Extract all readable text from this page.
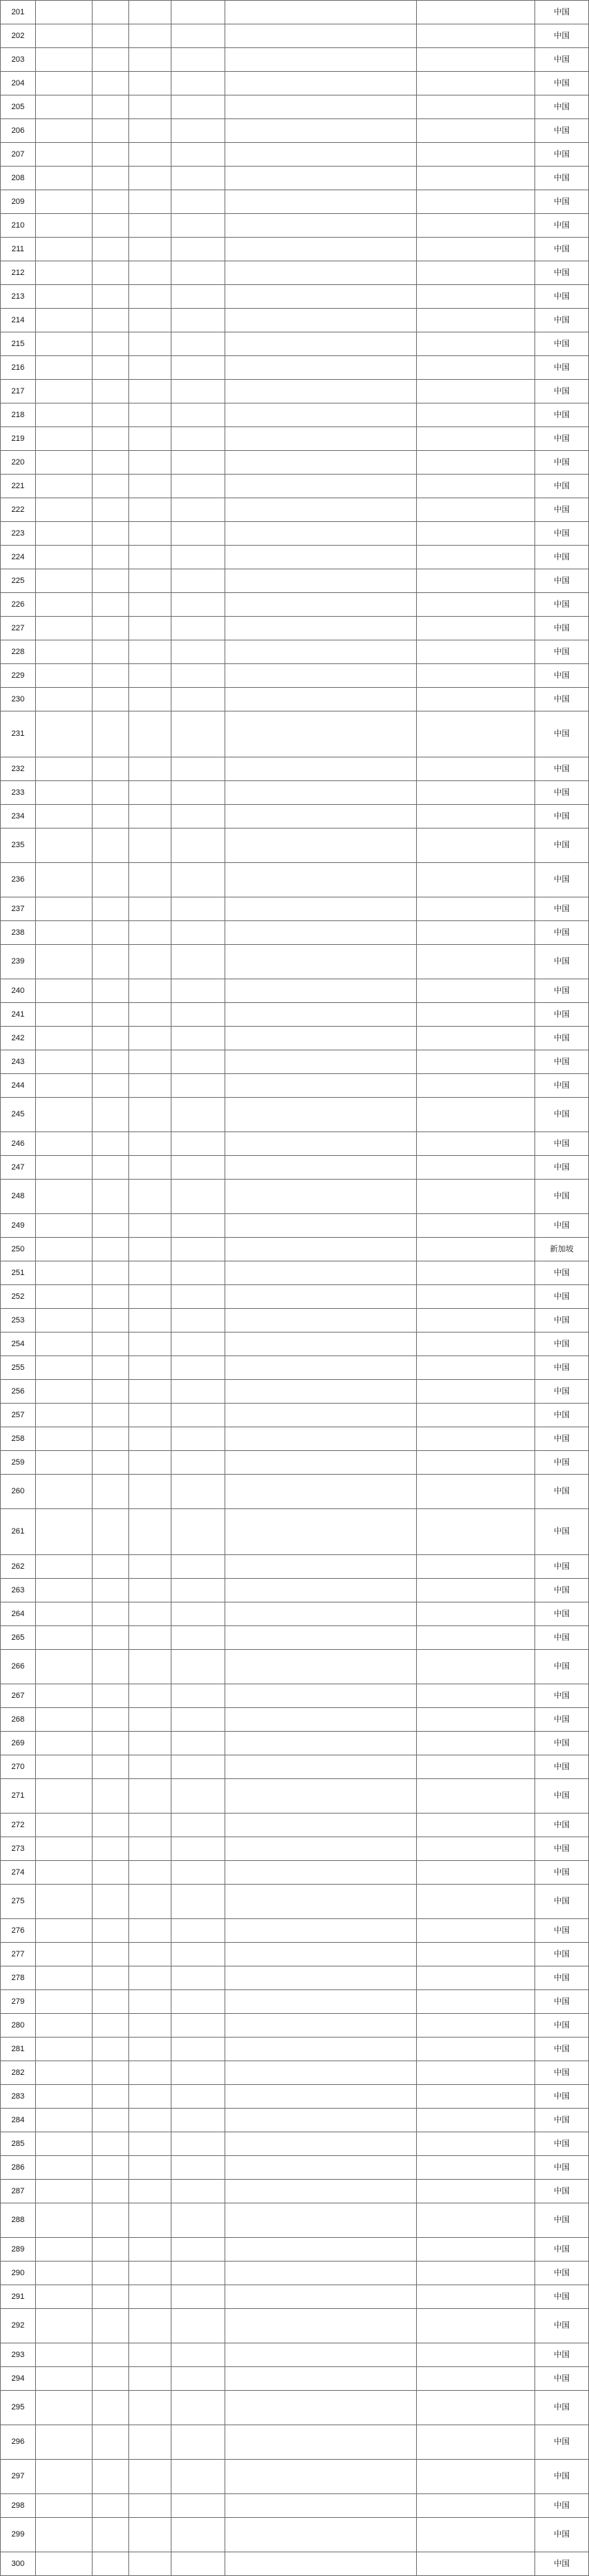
201							中国
202							中国
203							中国
204							中国
205							中国
206							中国
207							中国
208							中国
209							中国
210							中国
211							中国
212							中国
213							中国
214							中国
215							中国
216							中国
217							中国
218							中国
219							中国
220							中国
221							中国
222							中国
223							中国
224							中国
225							中国
226							中国
227							中国
228							中国
229							中国
230							中国
231							中国
232							中国
233							中国
234							中国
235							中国
236							中国
237							中国
238							中国
239							中国
240							中国
241							中国
242							中国
243							中国
244							中国
245							中国
246							中国
247							中国
248							中国
249							中国
250							新加坡
251							中国
252							中国
253							中国
254							中国
255							中国
256							中国
257							中国
258							中国
259							中国
260							中国
261							中国
262							中国
263							中国
264							中国
265							中国
266							中国
267							中国
268							中国
269							中国
270							中国
271							中国
272							中国
273							中国
274							中国
275							中国
276							中国
277							中国
278							中国
279							中国
280							中国
281							中国
282							中国
283							中国
284							中国
285							中国
286							中国
287							中国
288							中国
289							中国
290							中国
291							中国
292							中国
293							中国
294							中国
295							中国
296							中国
297							中国
298							中国
299							中国
300							中国
